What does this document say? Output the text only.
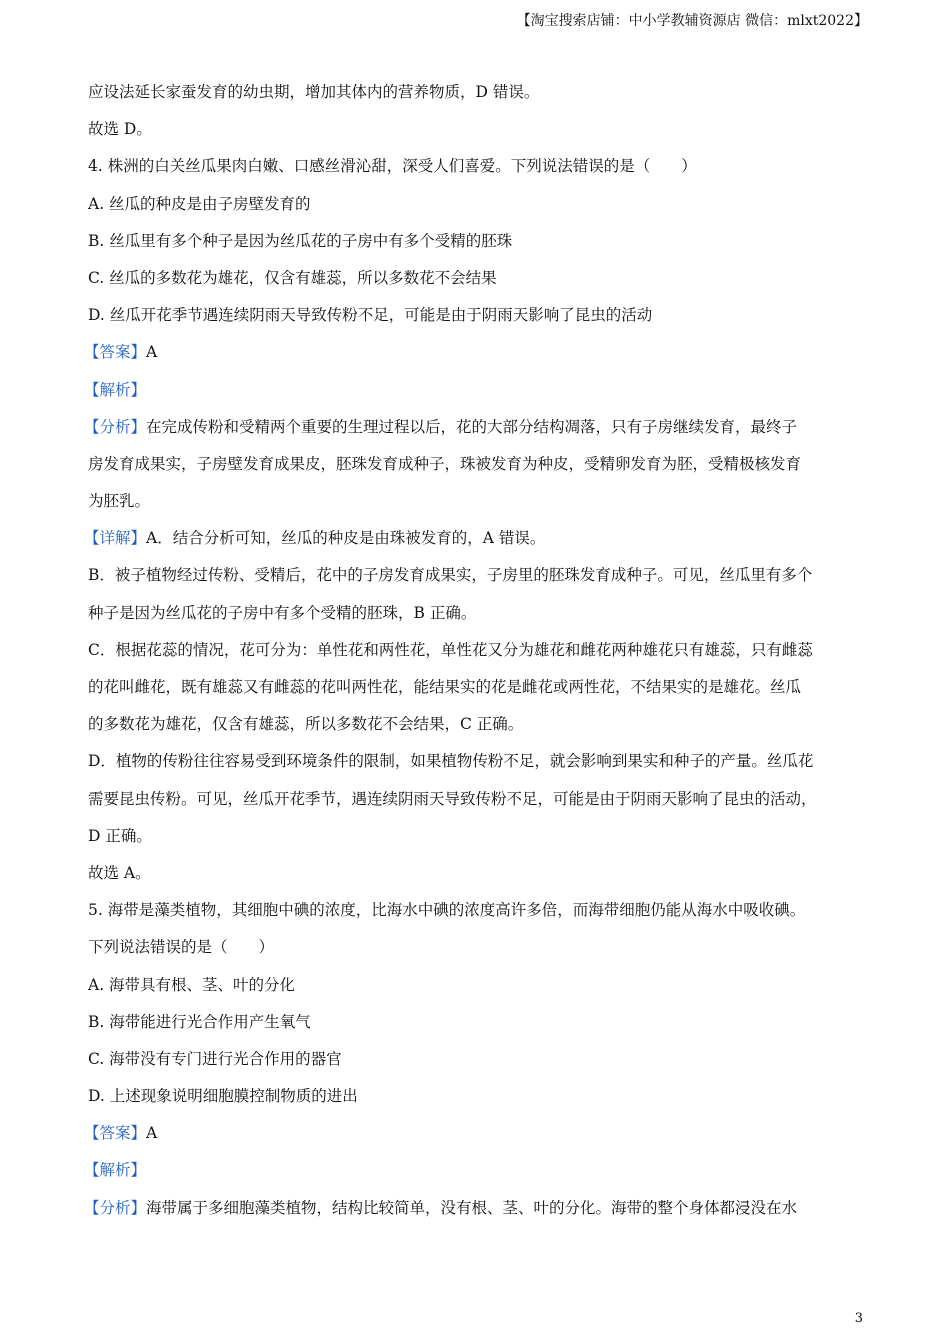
【淘宝搜索店铺：中小学教辅资源店 微信：mlxt2022】
应设法延长家蚕发育的幼虫期，增加其体内的营养物质，D 错误。
故选 D。
4. 株洲的白关丝瓜果肉白嫩、口感丝滑沁甜，深受人们喜爱。下列说法错误的是（　　）
A. 丝瓜的种皮是由子房壁发育的
B. 丝瓜里有多个种子是因为丝瓜花的子房中有多个受精的胚珠
C. 丝瓜的多数花为雄花，仅含有雄蕊，所以多数花不会结果
D. 丝瓜开花季节遇连续阴雨天导致传粉不足，可能是由于阴雨天影响了昆虫的活动
【答案】A
【解析】
【分析】在完成传粉和受精两个重要的生理过程以后，花的大部分结构凋落，只有子房继续发育，最终子
房发育成果实，子房壁发育成果皮，胚珠发育成种子，珠被发育为种皮，受精卵发育为胚，受精极核发育
为胚乳。
【详解】A．结合分析可知，丝瓜的种皮是由珠被发育的，A 错误。
B．被子植物经过传粉、受精后，花中的子房发育成果实，子房里的胚珠发育成种子。可见，丝瓜里有多个
种子是因为丝瓜花的子房中有多个受精的胚珠，B 正确。
C．根据花蕊的情况，花可分为：单性花和两性花，单性花又分为雄花和雌花两种雄花只有雄蕊，只有雌蕊
的花叫雌花，既有雄蕊又有雌蕊的花叫两性花，能结果实的花是雌花或两性花，不结果实的是雄花。丝瓜
的多数花为雄花，仅含有雄蕊，所以多数花不会结果，C 正确。
D．植物的传粉往往容易受到环境条件的限制，如果植物传粉不足，就会影响到果实和种子的产量。丝瓜花
需要昆虫传粉。可见，丝瓜开花季节，遇连续阴雨天导致传粉不足，可能是由于阴雨天影响了昆虫的活动，
D 正确。
故选 A。
5. 海带是藻类植物，其细胞中碘的浓度，比海水中碘的浓度高许多倍，而海带细胞仍能从海水中吸收碘。
下列说法错误的是（　　）
A. 海带具有根、茎、叶的分化
B. 海带能进行光合作用产生氧气
C. 海带没有专门进行光合作用的器官
D. 上述现象说明细胞膜控制物质的进出
【答案】A
【解析】
【分析】海带属于多细胞藻类植物，结构比较简单，没有根、茎、叶的分化。海带的整个身体都浸没在水
3
